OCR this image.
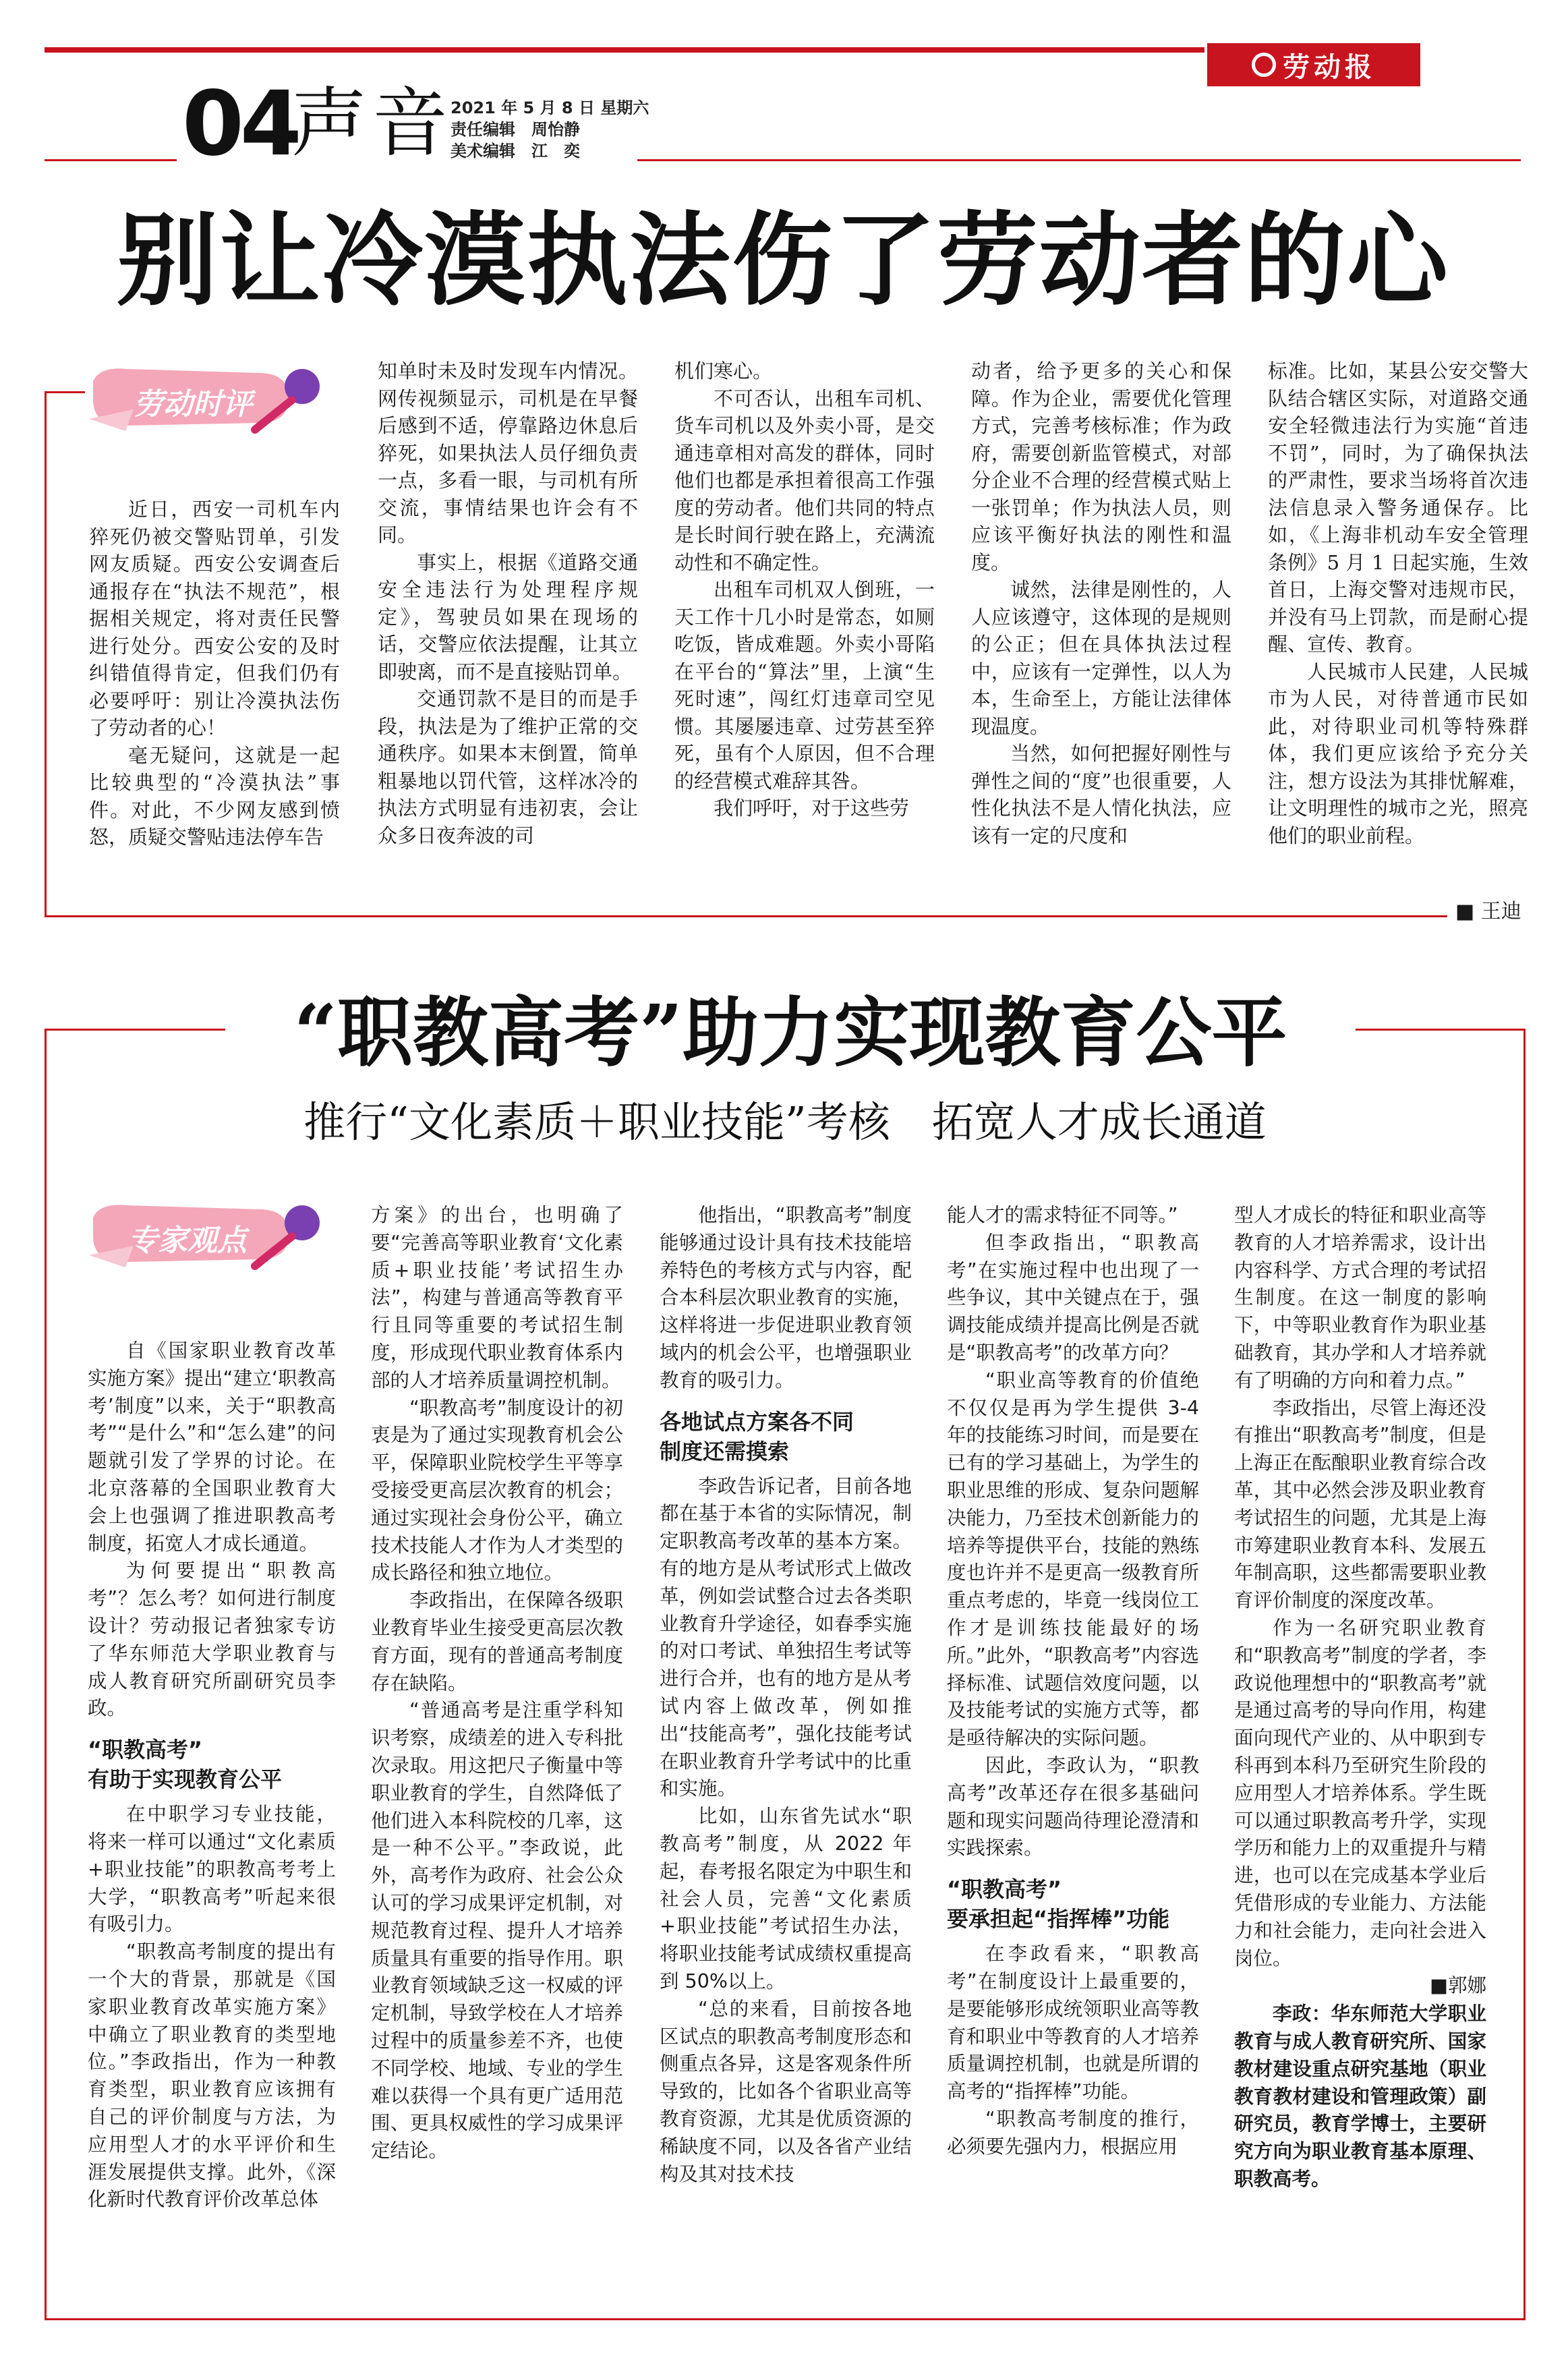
劳动报
04
声音
2021 年 5 月 8 日 星期六
责任编辑　周怡静
美术编辑　江　奕
别让冷漠执法伤了劳动者的心
劳动时评

近日，西安一司机车内猝死仍被交警贴罚单，引发网友质疑。西安公安调查后通报存在“执法不规范”，根据相关规定，将对责任民警进行处分。西安公安的及时纠错值得肯定，但我们仍有必要呼吁：别让冷漠执法伤了劳动者的心！

毫无疑问，这就是一起比较典型的“冷漠执法”事件。对此，不少网友感到愤怒，质疑交警贴违法停车告

知单时未及时发现车内情况。网传视频显示，司机是在早餐后感到不适，停靠路边休息后猝死，如果执法人员仔细负责一点，多看一眼，与司机有所交流，事情结果也许会有不同。

事实上，根据《道路交通安全违法行为处理程序规定》，驾驶员如果在现场的话，交警应依法提醒，让其立即驶离，而不是直接贴罚单。

交通罚款不是目的而是手段，执法是为了维护正常的交通秩序。如果本末倒置，简单粗暴地以罚代管，这样冰冷的执法方式明显有违初衷，会让众多日夜奔波的司

机们寒心。

不可否认，出租车司机、货车司机以及外卖小哥，是交通违章相对高发的群体，同时他们也都是承担着很高工作强度的劳动者。他们共同的特点是长时间行驶在路上，充满流动性和不确定性。

出租车司机双人倒班，一天工作十几小时是常态，如厕吃饭，皆成难题。外卖小哥陷在平台的“算法”里，上演“生死时速”，闯红灯违章司空见惯。其屡屡违章、过劳甚至猝死，虽有个人原因，但不合理的经营模式难辞其咎。

我们呼吁，对于这些劳

动者，给予更多的关心和保障。作为企业，需要优化管理方式，完善考核标准；作为政府，需要创新监管模式，对部分企业不合理的经营模式贴上一张罚单；作为执法人员，则应该平衡好执法的刚性和温度。

诚然，法律是刚性的，人人应该遵守，这体现的是规则的公正；但在具体执法过程中，应该有一定弹性，以人为本，生命至上，方能让法律体现温度。

当然，如何把握好刚性与弹性之间的“度”也很重要，人性化执法不是人情化执法，应该有一定的尺度和

标准。比如，某县公安交警大队结合辖区实际，对道路交通安全轻微违法行为实施“首违不罚”，同时，为了确保执法的严肃性，要求当场将首次违法信息录入警务通保存。比如，《上海非机动车安全管理条例》5 月 1 日起实施，生效首日，上海交警对违规市民，并没有马上罚款，而是耐心提醒、宣传、教育。

人民城市人民建，人民城市为人民，对待普通市民如此，对待职业司机等特殊群体，我们更应该给予充分关注，想方设法为其排忧解难，让文明理性的城市之光，照亮他们的职业前程。

■ 王迪
“职教高考”助力实现教育公平
推行“文化素质＋职业技能”考核　拓宽人才成长通道
专家观点

自《国家职业教育改革实施方案》提出“建立‘职教高考’制度”以来，关于“职教高考”“是什么”和“怎么建”的问题就引发了学界的讨论。在北京落幕的全国职业教育大会上也强调了推进职教高考制度，拓宽人才成长通道。

为何要提出“职教高考”？怎么考？如何进行制度设计？劳动报记者独家专访了华东师范大学职业教育与成人教育研究所副研究员李政。

“职教高考”
有助于实现教育公平

在中职学习专业技能，将来一样可以通过“文化素质+职业技能”的职教高考考上大学，“职教高考”听起来很有吸引力。

“职教高考制度的提出有一个大的背景，那就是《国家职业教育改革实施方案》中确立了职业教育的类型地位。”李政指出，作为一种教育类型，职业教育应该拥有自己的评价制度与方法，为应用型人才的水平评价和生涯发展提供支撑。此外，《深化新时代教育评价改革总体

方案》的出台，也明确了要“完善高等职业教育‘文化素质+职业技能’考试招生办法”，构建与普通高等教育平行且同等重要的考试招生制度，形成现代职业教育体系内部的人才培养质量调控机制。

“职教高考”制度设计的初衷是为了通过实现教育机会公平，保障职业院校学生平等享受接受更高层次教育的机会；通过实现社会身份公平，确立技术技能人才作为人才类型的成长路径和独立地位。

李政指出，在保障各级职业教育毕业生接受更高层次教育方面，现有的普通高考制度存在缺陷。

“普通高考是注重学科知识考察，成绩差的进入专科批次录取。用这把尺子衡量中等职业教育的学生，自然降低了他们进入本科院校的几率，这是一种不公平。”李政说，此外，高考作为政府、社会公众认可的学习成果评定机制，对规范教育过程、提升人才培养质量具有重要的指导作用。职业教育领域缺乏这一权威的评定机制，导致学校在人才培养过程中的质量参差不齐，也使不同学校、地域、专业的学生难以获得一个具有更广适用范围、更具权威性的学习成果评定结论。

他指出，“职教高考”制度能够通过设计具有技术技能培养特色的考核方式与内容，配合本科层次职业教育的实施，这样将进一步促进职业教育领域内的机会公平，也增强职业教育的吸引力。

各地试点方案各不同
制度还需摸索

李政告诉记者，目前各地都在基于本省的实际情况，制定职教高考改革的基本方案。有的地方是从考试形式上做改革，例如尝试整合过去各类职业教育升学途径，如春季实施的对口考试、单独招生考试等进行合并，也有的地方是从考试内容上做改革，例如推出“技能高考”，强化技能考试在职业教育升学考试中的比重和实施。

比如，山东省先试水“职教高考”制度，从 2022 年起，春考报名限定为中职生和社会人员，完善“文化素质+职业技能”考试招生办法，将职业技能考试成绩权重提高到 50%以上。

“总的来看，目前按各地区试点的职教高考制度形态和侧重点各异，这是客观条件所导致的，比如各个省职业高等教育资源，尤其是优质资源的稀缺度不同，以及各省产业结构及其对技术技

能人才的需求特征不同等。”

但李政指出，“职教高考”在实施过程中也出现了一些争议，其中关键点在于，强调技能成绩并提高比例是否就是“职教高考”的改革方向？

“职业高等教育的价值绝不仅仅是再为学生提供 3-4 年的技能练习时间，而是要在已有的学习基础上，为学生的职业思维的形成、复杂问题解决能力，乃至技术创新能力的培养等提供平台，技能的熟练度也许并不是更高一级教育所重点考虑的，毕竟一线岗位工作才是训练技能最好的场所。”此外，“职教高考”内容选择标准、试题信效度问题，以及技能考试的实施方式等，都是亟待解决的实际问题。

因此，李政认为，“职教高考”改革还存在很多基础问题和现实问题尚待理论澄清和实践探索。

“职教高考”
要承担起“指挥棒”功能

在李政看来，“职教高考”在制度设计上最重要的，是要能够形成统领职业高等教育和职业中等教育的人才培养质量调控机制，也就是所谓的高考的“指挥棒”功能。

“职教高考制度的推行，必须要先强内力，根据应用

型人才成长的特征和职业高等教育的人才培养需求，设计出内容科学、方式合理的考试招生制度。在这一制度的影响下，中等职业教育作为职业基础教育，其办学和人才培养就有了明确的方向和着力点。”

李政指出，尽管上海还没有推出“职教高考”制度，但是上海正在酝酿职业教育综合改革，其中必然会涉及职业教育考试招生的问题，尤其是上海市筹建职业教育本科、发展五年制高职，这些都需要职业教育评价制度的深度改革。

作为一名研究职业教育和“职教高考”制度的学者，李政说他理想中的“职教高考”就是通过高考的导向作用，构建面向现代产业的、从中职到专科再到本科乃至研究生阶段的应用型人才培养体系。学生既可以通过职教高考升学，实现学历和能力上的双重提升与精进，也可以在完成基本学业后凭借形成的专业能力、方法能力和社会能力，走向社会进入岗位。

■郭娜

李政：华东师范大学职业教育与成人教育研究所、国家教材建设重点研究基地（职业教育教材建设和管理政策）副研究员，教育学博士，主要研究方向为职业教育基本原理、职教高考。
